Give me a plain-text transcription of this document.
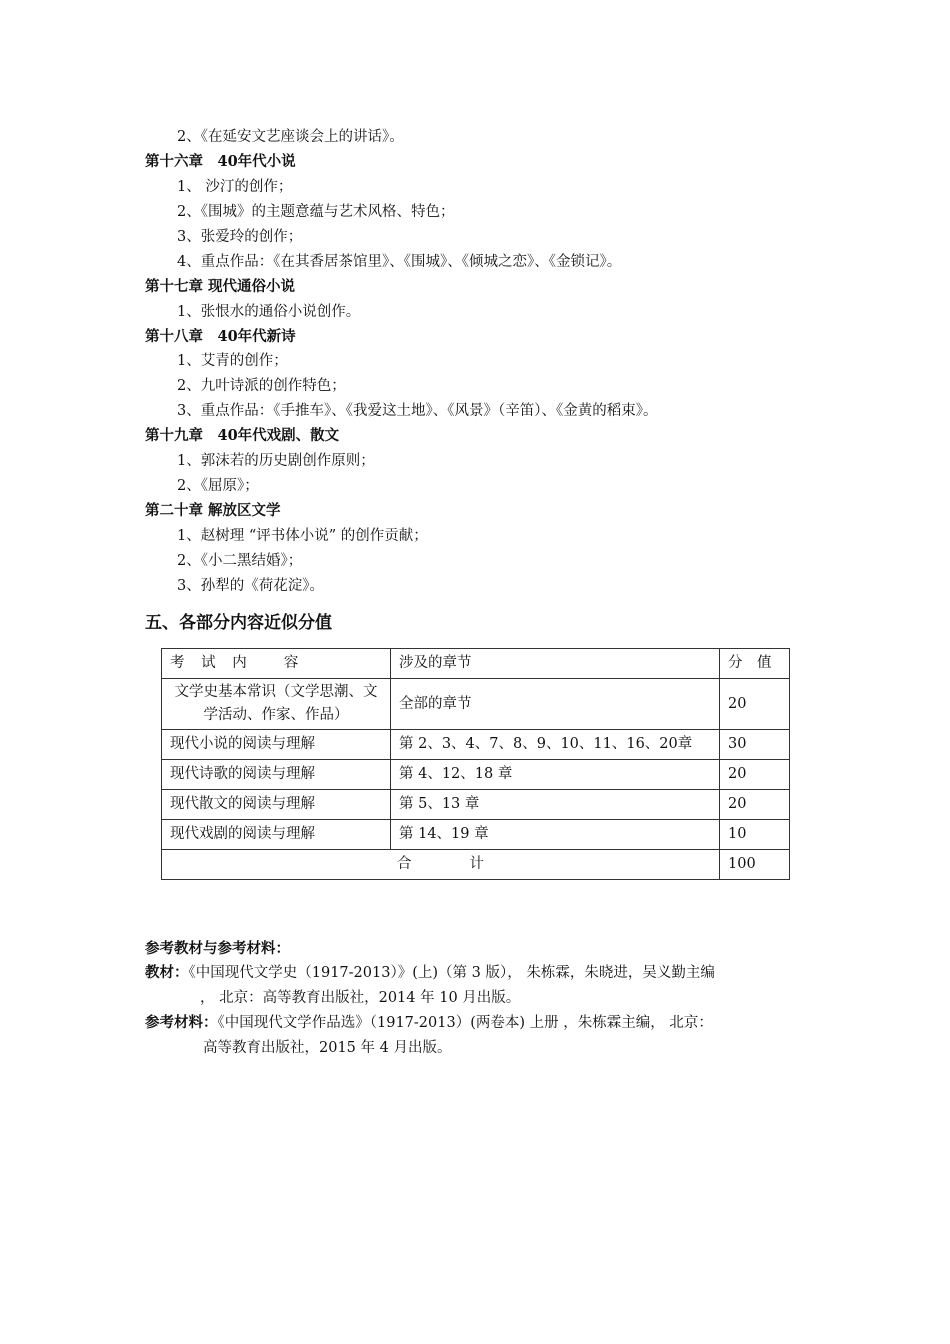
2、《在延安文艺座谈会上的讲话》。
第十六章　40年代小说
1、 沙汀的创作；
2、《围城》的主题意蕴与艺术风格、特色；
3、张爱玲的创作；
4、重点作品：《在其香居茶馆里》、《围城》、《倾城之恋》、《金锁记》。
第十七章 现代通俗小说
1、张恨水的通俗小说创作。
第十八章　40年代新诗
1、艾青的创作；
2、九叶诗派的创作特色；
3、重点作品：《手推车》、《我爱这土地》、《风景》（辛笛）、《金黄的稻束》。
第十九章　40年代戏剧、散文
1、郭沫若的历史剧创作原则；
2、《屈原》；
第二十章 解放区文学
1、赵树理 “评书体小说” 的创作贡献；
2、《小二黑结婚》；
3、孙犁的《荷花淀》。
五、各部分内容近似分值
考 试 内　 容	涉及的章节	分　值
文学史基本常识（文学思潮、文学活动、作家、作品）	全部的章节	20
现代小说的阅读与理解	第 2、3、4、7、8、9、10、11、16、20章	30
现代诗歌的阅读与理解	第 4、12、18 章	20
现代散文的阅读与理解	第 5、13 章	20
现代戏剧的阅读与理解	第 14、19 章	10
合　　　　计		100
参考教材与参考材料：
教材：《中国现代文学史（1917-2013）》(上)（第 3 版）， 朱栋霖，朱晓进，吴义勤主编
， 北京：高等教育出版社，2014 年 10 月出版。
参考材料：《中国现代文学作品选》（1917-2013）(两卷本) 上册 ，朱栋霖主编， 北京：
高等教育出版社，2015 年 4 月出版。
